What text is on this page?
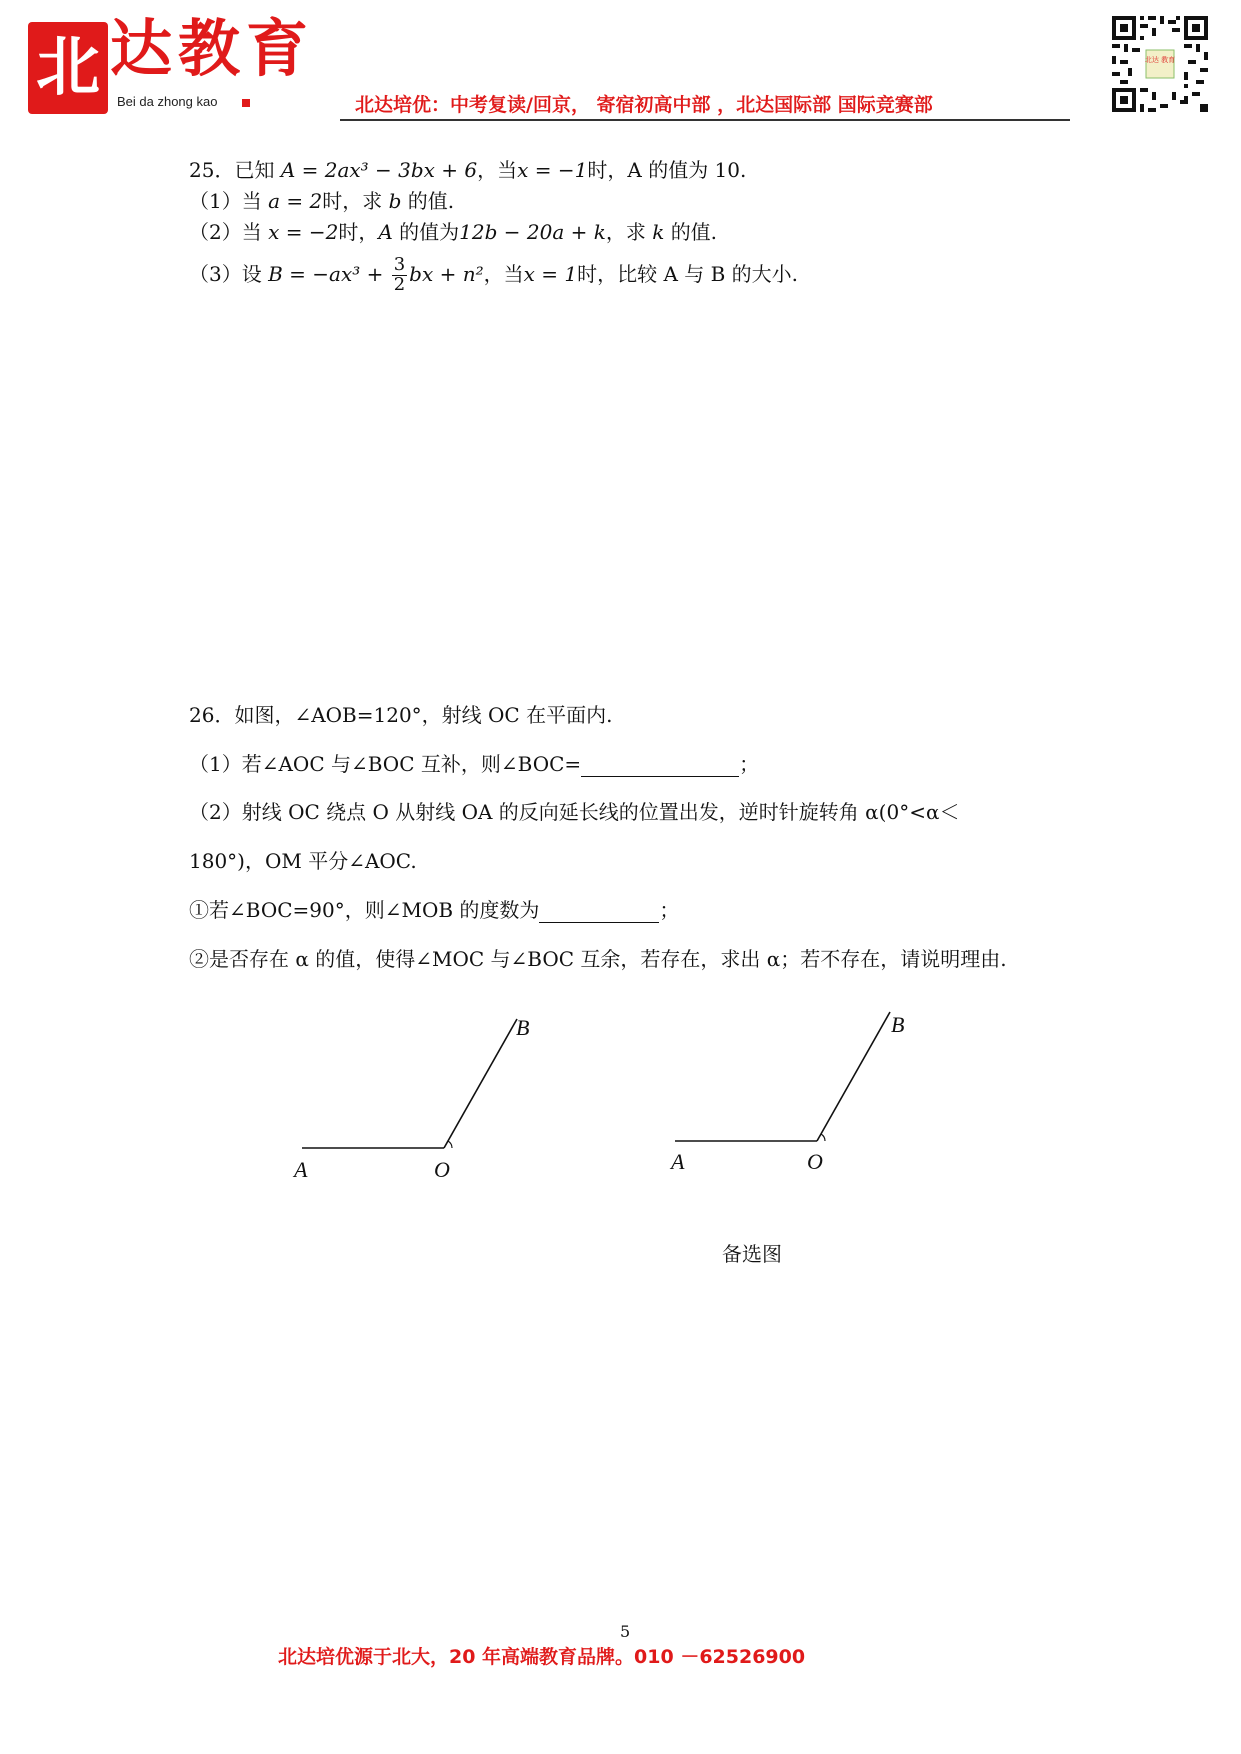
北 达教育
Bei da zhong kao	北达培优：中考复读/回京， 寄宿初高中部 ，北达国际部 国际竞赛部
北达 教育
25．已知 A = 2ax³ − 3bx + 6，当x = −1时，A 的值为 10.
（1）当 a = 2时，求 b 的值.
（2）当 x = −2时，A 的值为12b − 20a + k，求 k 的值.
（3）设 $B = -ax^3 + \frac{3}{2}$ bx + n²，当x = 1时，比较 A 与 B 的大小.
26．如图，∠AOB=120°，射线 OC 在平面内.
（1）若∠AOC 与∠BOC 互补，则∠BOC=	；
（2）射线 OC 绕点 O 从射线 OA 的反向延长线的位置出发，逆时针旋转角 α(0°<α＜
180°)，OM 平分∠AOC.
①若∠BOC=90°，则∠MOB 的度数为	；
②是否存在 α 的值，使得∠MOC 与∠BOC 互余，若存在，求出 α；若不存在，请说明理由.
A	O
B
A	O
B
备选图
5
北达培优源于北大，20 年高端教育品牌。010 －62526900
